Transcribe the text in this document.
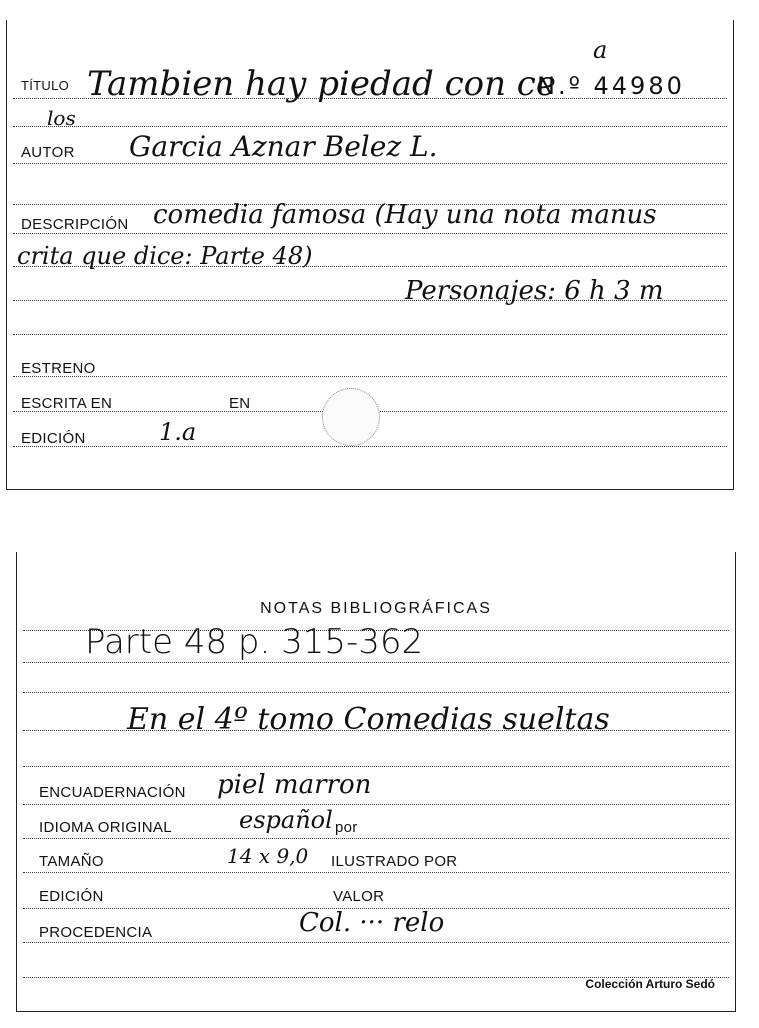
TÍTULO Tambien hay piedad con ce
a
N.º 44980
los
AUTOR Garcia Aznar Belez L.
DESCRIPCIÓN comedia famosa (Hay una nota manus
crita que dice: Parte 48)
Personajes: 6 h 3 m
ESTRENO
ESCRITA EN	EN
EDICIÓN	1.a
NOTAS BIBLIOGRÁFICAS
Parte 48 p. 315-362
En el 4º tomo Comedias sueltas
ENCUADERNACIÓN piel marron
IDIOMA ORIGINAL	español por
TAMAÑO	14 x 9,0 ILUSTRADO POR
EDICIÓN	VALOR
PROCEDENCIA	Col. ··· relo
Colección Arturo Sedó
